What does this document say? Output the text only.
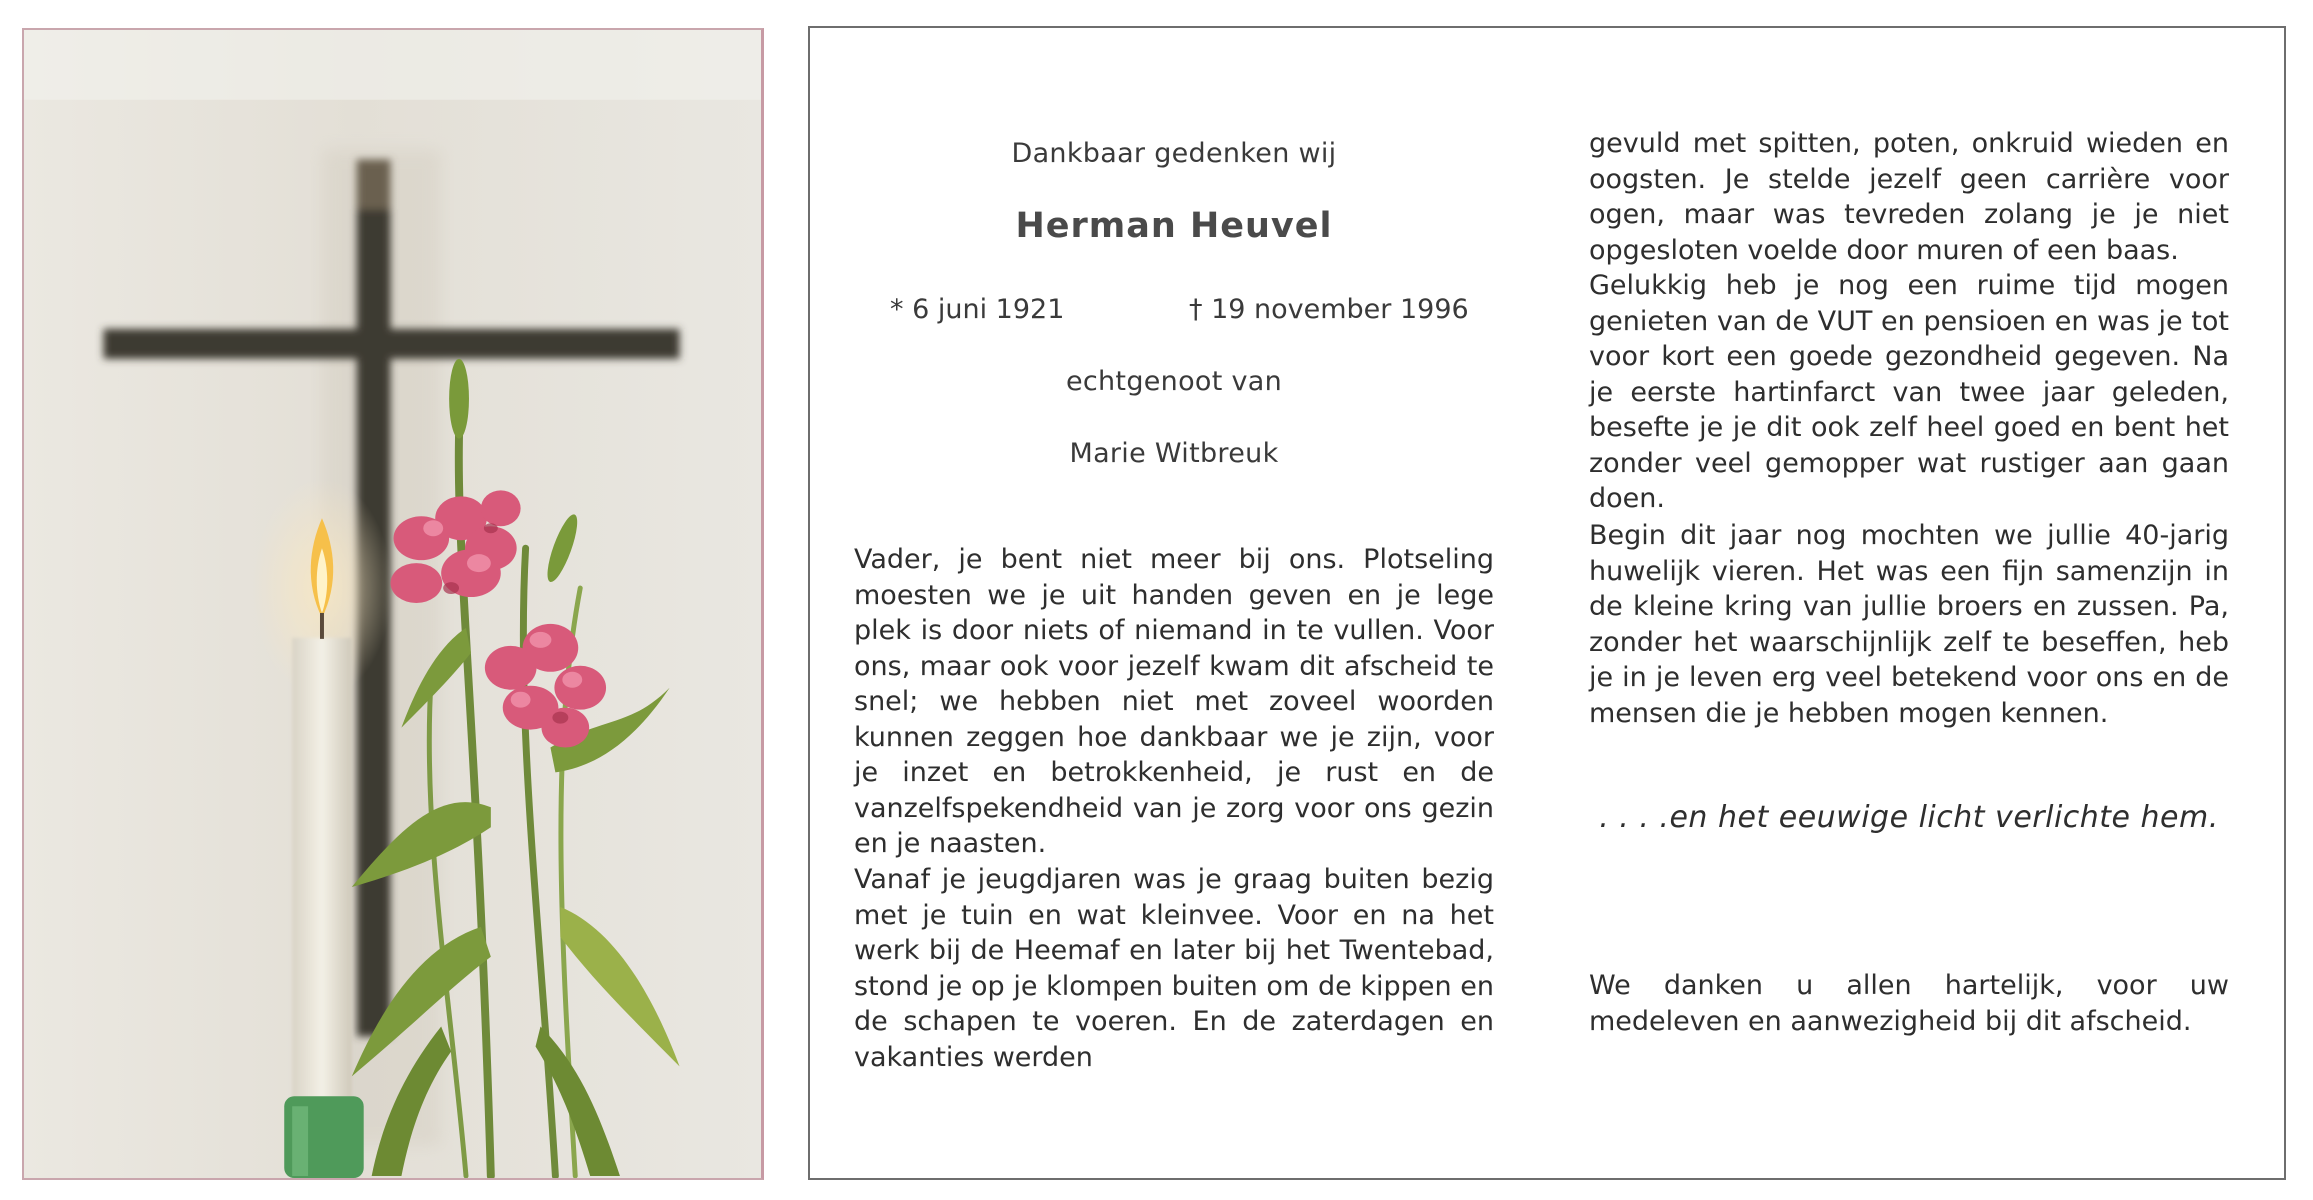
Dankbaar gedenken wij
Herman Heuvel
* 6 juni 1921	† 19 november 1996
echtgenoot van
Marie Witbreuk

Vader, je bent niet meer bij ons. Plotseling moesten we je uit handen geven en je lege plek is door niets of niemand in te vullen. Voor ons, maar ook voor jezelf kwam dit afscheid te snel; we hebben niet met zoveel woorden kunnen zeggen hoe dankbaar we je zijn, voor je inzet en betrokkenheid, je rust en de vanzelfspekendheid van je zorg voor ons gezin en je naasten.

Vanaf je jeugdjaren was je graag buiten bezig met je tuin en wat kleinvee. Voor en na het werk bij de Heemaf en later bij het Twentebad, stond je op je klompen buiten om de kippen en de schapen te voeren. En de zaterdagen en vakanties werden

gevuld met spitten, poten, onkruid wieden en oogsten. Je stelde jezelf geen carrière voor ogen, maar was tevreden zolang je je niet opgesloten voelde door muren of een baas.
Gelukkig heb je nog een ruime tijd mogen genieten van de VUT en pensioen en was je tot voor kort een goede gezondheid gegeven. Na je eerste hartinfarct van twee jaar geleden, besefte je je dit ook zelf heel goed en bent het zonder veel gemopper wat rustiger aan gaan doen.

Begin dit jaar nog mochten we jullie 40-jarig huwelijk vieren. Het was een fijn samenzijn in de kleine kring van jullie broers en zussen. Pa, zonder het waarschijnlijk zelf te beseffen, heb je in je leven erg veel betekend voor ons en de mensen die je hebben mogen kennen.

. . . .en het eeuwige licht verlichte hem.

We danken u allen hartelijk, voor uw medeleven en aanwezigheid bij dit afscheid.
